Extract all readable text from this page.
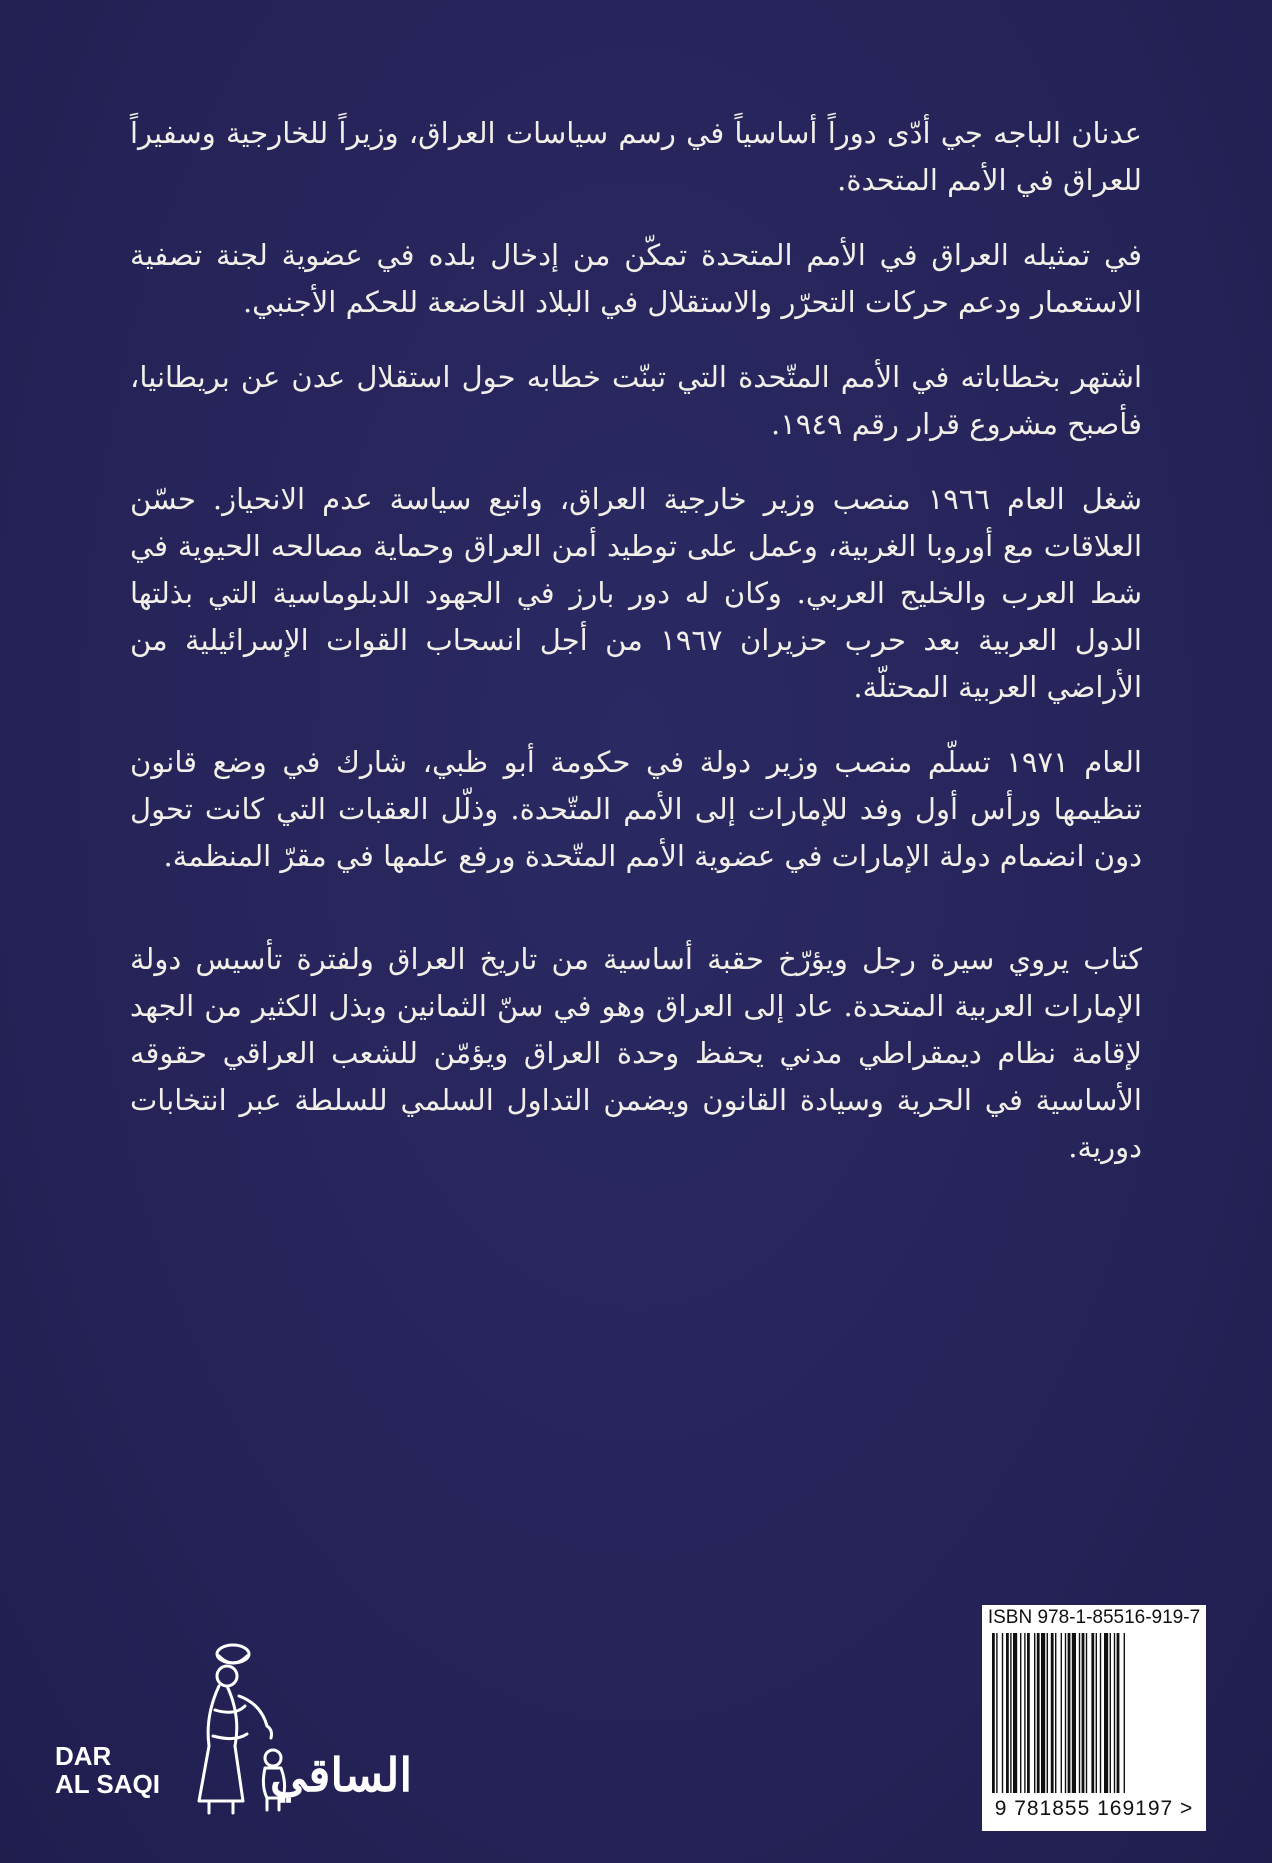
عدنان الباجه جي أدّى دوراً أساسياً في رسم سياسات العراق، وزيراً للخارجية وسفيراً للعراق في الأمم المتحدة.

في تمثيله العراق في الأمم المتحدة تمكّن من إدخال بلده في عضوية لجنة تصفية الاستعمار ودعم حركات التحرّر والاستقلال في البلاد الخاضعة للحكم الأجنبي.

اشتهر بخطاباته في الأمم المتّحدة التي تبنّت خطابه حول استقلال عدن عن بريطانيا، فأصبح مشروع قرار رقم ١٩٤٩.

شغل العام ١٩٦٦ منصب وزير خارجية العراق، واتبع سياسة عدم الانحياز. حسّن العلاقات مع أوروبا الغربية، وعمل على توطيد أمن العراق وحماية مصالحه الحيوية في شط العرب والخليج العربي. وكان له دور بارز في الجهود الدبلوماسية التي بذلتها الدول العربية بعد حرب حزيران ١٩٦٧ من أجل انسحاب القوات الإسرائيلية من الأراضي العربية المحتلّة.

العام ١٩٧١ تسلّم منصب وزير دولة في حكومة أبو ظبي، شارك في وضع قانون تنظيمها ورأس أول وفد للإمارات إلى الأمم المتّحدة. وذلّل العقبات التي كانت تحول دون انضمام دولة الإمارات في عضوية الأمم المتّحدة ورفع علمها في مقرّ المنظمة.

كتاب يروي سيرة رجل ويؤرّخ حقبة أساسية من تاريخ العراق ولفترة تأسيس دولة الإمارات العربية المتحدة. عاد إلى العراق وهو في سنّ الثمانين وبذل الكثير من الجهد لإقامة نظام ديمقراطي مدني يحفظ وحدة العراق ويؤمّن للشعب العراقي حقوقه الأساسية في الحرية وسيادة القانون ويضمن التداول السلمي للسلطة عبر انتخابات دورية.

DAR
AL SAQI الساقي
ISBN 978-1-85516-919-7
9 781855 169197 >
